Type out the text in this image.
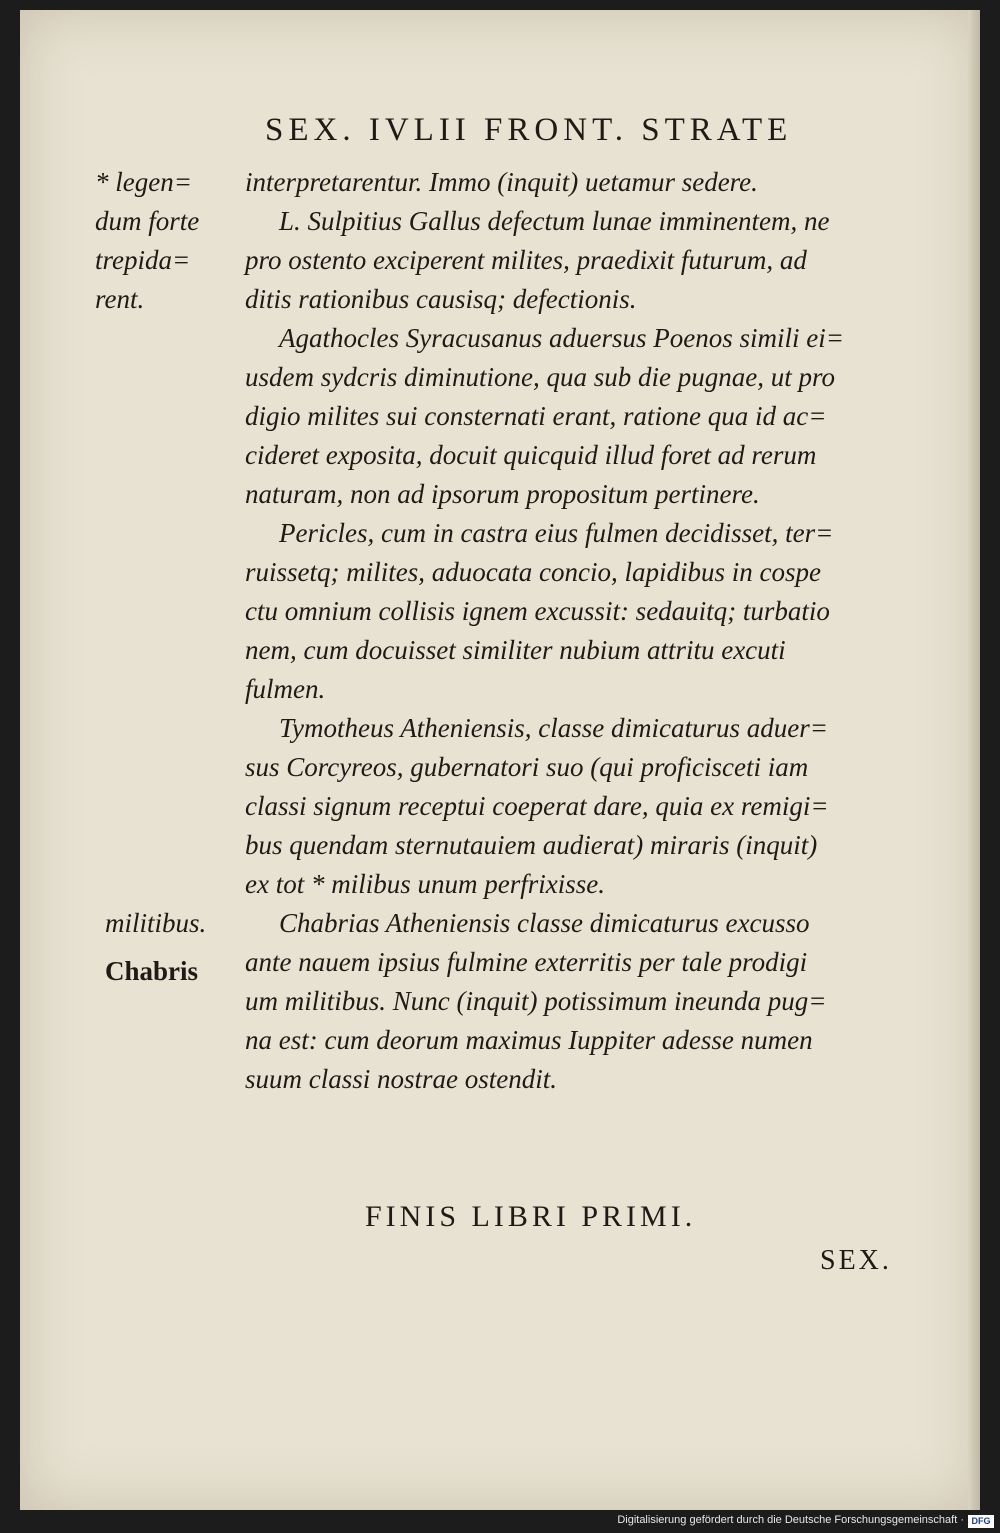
SEX. IVLII FRONT. STRATE
* legen=
dum forte
trepida=
rent.
militibus.
Chabris
interpretarentur. Immo (inquit) uetamur sedere.
L. Sulpitius Gallus defectum lunae imminentem, ne
pro ostento exciperent milites, praedixit futurum, ad
ditis rationibus causisq; defectionis.
Agathocles Syracusanus aduersus Poenos simili ei=
usdem sydcris diminutione, qua sub die pugnae, ut pro
digio milites sui consternati erant, ratione qua id ac=
cideret exposita, docuit quicquid illud foret ad rerum
naturam, non ad ipsorum propositum pertinere.
Pericles, cum in castra eius fulmen decidisset, ter=
ruissetq; milites, aduocata concio, lapidibus in cospe
ctu omnium collisis ignem excussit: sedauitq; turbatio
nem, cum docuisset similiter nubium attritu excuti
fulmen.
Tymotheus Atheniensis, classe dimicaturus aduer=
sus Corcyreos, gubernatori suo (qui proficisceti iam
classi signum receptui coeperat dare, quia ex remigi=
bus quendam sternutauiem audierat) miraris (inquit)
ex tot * milibus unum perfrixisse.
Chabrias Atheniensis classe dimicaturus excusso
ante nauem ipsius fulmine exterritis per tale prodigi
um militibus. Nunc (inquit) potissimum ineunda pug=
na est: cum deorum maximus Iuppiter adesse numen
suum classi nostrae ostendit.
FINIS LIBRI PRIMI.
SEX.
Digitalisierung gefördert durch die Deutsche Forschungsgemeinschaft · DFG
